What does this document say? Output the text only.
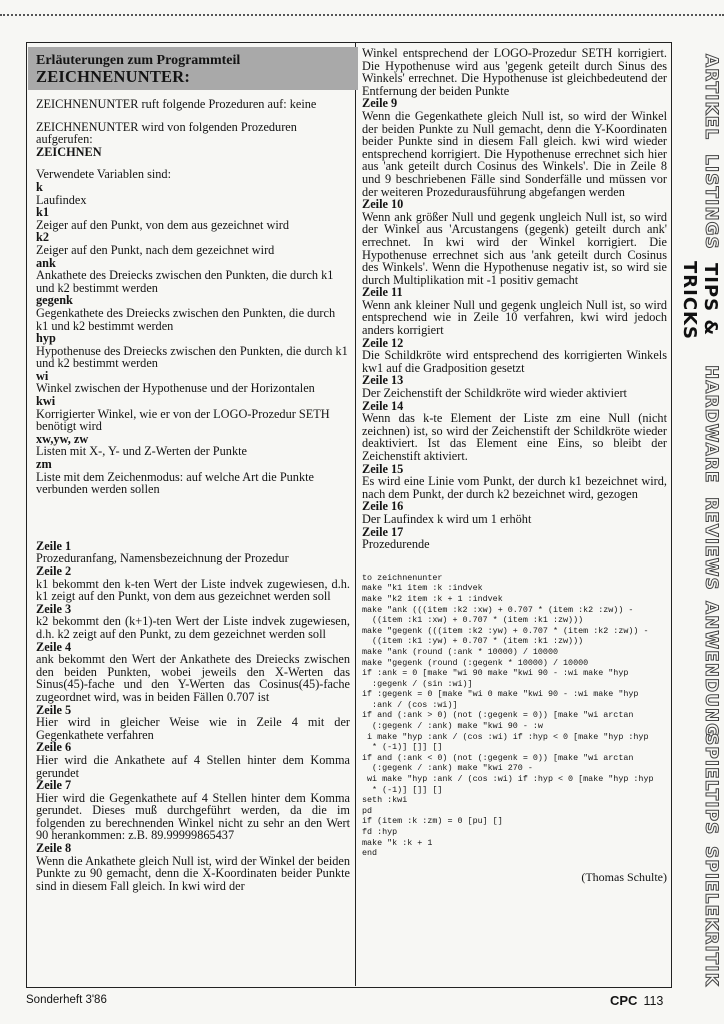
Erläuterungen zum Programmteil
ZEICHNENUNTER:

ZEICHNENUNTER ruft folgende Prozeduren auf: keine

ZEICHNENUNTER wird von folgenden Prozeduren aufgerufen:

ZEICHNEN

Verwendete Variablen sind:

k

Laufindex

k1

Zeiger auf den Punkt, von dem aus gezeichnet wird

k2

Zeiger auf den Punkt, nach dem gezeichnet wird

ank

Ankathete des Dreiecks zwischen den Punkten, die durch k1 und k2 bestimmt werden

gegenk

Gegenkathete des Dreiecks zwischen den Punkten, die durch k1 und k2 bestimmt werden

hyp

Hypothenuse des Dreiecks zwischen den Punkten, die durch k1 und k2 bestimmt werden

wi

Winkel zwischen der Hypothenuse und der Horizontalen

kwi

Korrigierter Winkel, wie er von der LOGO-Prozedur SETH benötigt wird

xw,yw, zw

Listen mit X-, Y- und Z-Werten der Punkte

zm

Liste mit dem Zeichenmodus: auf welche Art die Punkte verbunden werden sollen

Zeile 1

Prozeduranfang, Namensbezeichnung der Prozedur

Zeile 2

k1 bekommt den k-ten Wert der Liste indvek zugewiesen, d.h. k1 zeigt auf den Punkt, von dem aus gezeichnet werden soll

Zeile 3

k2 bekommt den (k+1)-ten Wert der Liste indvek zugewiesen, d.h. k2 zeigt auf den Punkt, zu dem gezeichnet werden soll

Zeile 4

ank bekommt den Wert der Ankathete des Dreiecks zwischen den beiden Punkten, wobei jeweils den X-Werten das Sinus(45)-fache und den Y-Werten das Cosinus(45)-fache zugeordnet wird, was in beiden Fällen 0.707 ist

Zeile 5

Hier wird in gleicher Weise wie in Zeile 4 mit der Gegenkathete verfahren

Zeile 6

Hier wird die Ankathete auf 4 Stellen hinter dem Komma gerundet

Zeile 7

Hier wird die Gegenkathete auf 4 Stellen hinter dem Komma gerundet. Dieses muß durchgeführt werden, da die im folgenden zu berechnenden Winkel nicht zu sehr an den Wert 90 herankommen: z.B. 89.99999865437

Zeile 8

Wenn die Ankathete gleich Null ist, wird der Winkel der beiden Punkte zu 90 gemacht, denn die X-Koordinaten beider Punkte sind in diesem Fall gleich. In kwi wird der

Winkel entsprechend der LOGO-Prozedur SETH korrigiert. Die Hypothenuse wird aus 'gegenk geteilt durch Sinus des Winkels' errechnet. Die Hypothenuse ist gleichbedeutend der Entfernung der beiden Punkte

Zeile 9

Wenn die Gegenkathete gleich Null ist, so wird der Winkel der beiden Punkte zu Null gemacht, denn die Y-Koordinaten beider Punkte sind in diesem Fall gleich. kwi wird wieder entsprechend korrigiert. Die Hypothenuse errechnet sich hier aus 'ank geteilt durch Cosinus des Winkels'. Die in Zeile 8 und 9 beschriebenen Fälle sind Sonderfälle und müssen vor der weiteren Prozedurausführung abgefangen werden

Zeile 10

Wenn ank größer Null und gegenk ungleich Null ist, so wird der Winkel aus 'Arcustangens (gegenk) geteilt durch ank' errechnet. In kwi wird der Winkel korrigiert. Die Hypothenuse errechnet sich aus 'ank geteilt durch Cosinus des Winkels'. Wenn die Hypothenuse negativ ist, so wird sie durch Multiplikation mit -1 positiv gemacht

Zeile 11

Wenn ank kleiner Null und gegenk ungleich Null ist, so wird entsprechend wie in Zeile 10 verfahren, kwi wird jedoch anders korrigiert

Zeile 12

Die Schildkröte wird entsprechend des korrigierten Winkels kw1 auf die Gradposition gesetzt

Zeile 13

Der Zeichenstift der Schildkröte wird wieder aktiviert

Zeile 14

Wenn das k-te Element der Liste zm eine Null (nicht zeichnen) ist, so wird der Zeichenstift der Schildkröte wieder deaktiviert. Ist das Element eine Eins, so bleibt der Zeichenstift aktiviert.

Zeile 15

Es wird eine Linie vom Punkt, der durch k1 bezeichnet wird, nach dem Punkt, der durch k2 bezeichnet wird, gezogen

Zeile 16

Der Laufindex k wird um 1 erhöht

Zeile 17

Prozedurende

to zeichnenunter
make "k1 item :k :indvek
make "k2 item :k + 1 :indvek
make "ank (((item :k2 :xw) + 0.707 * (item :k2 :zw)) -
((item :k1 :xw) + 0.707 * (item :k1 :zw)))
make "gegenk (((item :k2 :yw) + 0.707 * (item :k2 :zw)) -
((item :k1 :yw) + 0.707 * (item :k1 :zw)))
make "ank (round (:ank * 10000) / 10000
make "gegenk (round (:gegenk * 10000) / 10000
if :ank = 0 [make "wi 90 make "kwi 90 - :wi make "hyp
:gegenk / (sin :wi)]
if :gegenk = 0 [make "wi 0 make "kwi 90 - :wi make "hyp
:ank / (cos :wi)]
if and (:ank > 0) (not (:gegenk = 0)) [make "wi arctan
(:gegenk / :ank) make "kwi 90 - :w
i make "hyp :ank / (cos :wi) if :hyp < 0 [make "hyp :hyp
* (-1)] []] []
if and (:ank < 0) (not (:gegenk = 0)) [make "wi arctan
(:gegenk / :ank) make "kwi 270 -
wi make "hyp :ank / (cos :wi) if :hyp < 0 [make "hyp :hyp
* (-1)] []] []
seth :kwi
pd
if (item :k :zm) = 0 [pu] []
fd :hyp
make "k :k + 1
end
(Thomas Schulte)
ARTIKEL
LISTINGS
TIPS & TRICKS
HARDWARE
REVIEWS
ANWENDUNG
SPIELTIPS
SPIELEKRITIK
Sonderheft 3'86	CPC 113
